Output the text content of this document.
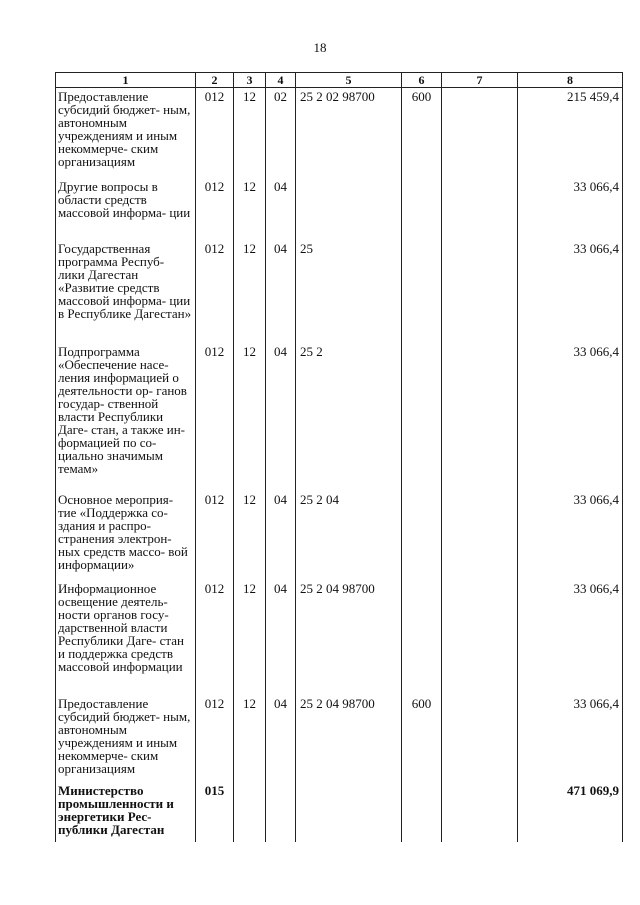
18
1	2	3	4	5	6	7	8
Предоставление субсидий бюджет- ным, автономным учреждениям и иным некоммерче- ским организациям	012	12	02	25 2 02 98700	600		215 459,4
Другие вопросы в области средств массовой информа- ции	012	12	04				33 066,4
Государственная программа Респуб- лики Дагестан «Развитие средств массовой информа- ции в Республике Дагестан»	012	12	04	25			33 066,4
Подпрограмма «Обеспечение насе- ления информацией о деятельности ор- ганов государ- ственной власти Республики Даге- стан, а также ин- формацией по со- циально значимым темам»	012	12	04	25 2			33 066,4
Основное мероприя- тие «Поддержка со- здания и распро- странения электрон- ных средств массо- вой информации»	012	12	04	25 2 04			33 066,4
Информационное освещение деятель- ности органов госу- дарственной власти Республики Даге- стан и поддержка средств массовой информации	012	12	04	25 2 04 98700			33 066,4
Предоставление субсидий бюджет- ным, автономным учреждениям и иным некоммерче- ским организациям	012	12	04	25 2 04 98700	600		33 066,4
Министерство промышленности и энергетики Рес- публики Дагестан	015						471 069,9
